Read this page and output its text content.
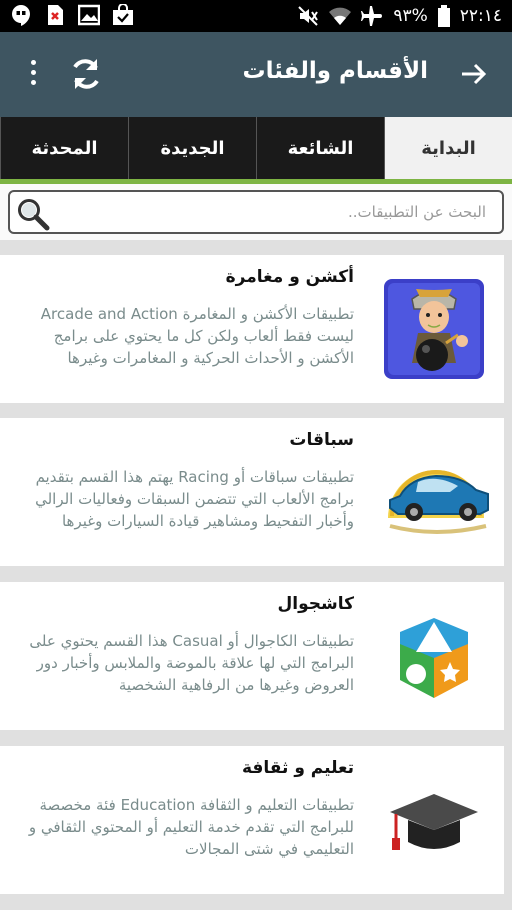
٩٣% ٢٢:١٤
الأقسام والفئات
البداية
الشائعة
الجديدة
المحدثة
البحث عن التطبيقات..
أكشن و مغامرة
تطبيقات الأكشن و المغامرة Arcade and Action ليست فقط ألعاب ولكن كل ما يحتوي على برامج الأكشن و الأحداث الحركية و المغامرات وغيرها
سباقات
تطبيقات سباقات أو Racing يهتم هذا القسم بتقديم برامج الألعاب التي تتضمن السبقات وفعاليات الرالي وأخبار التفحيط ومشاهير قيادة السيارات وغيرها
كاشجوال
تطبيقات الكاجوال أو Casual هذا القسم يحتوي على البرامج التي لها علاقة بالموضة والملابس وأخبار دور العروض وغيرها من الرفاهية الشخصية
تعليم و ثقافة
تطبيقات التعليم و الثقافة Education فئة مخصصة للبرامج التي تقدم خدمة التعليم أو المحتوي الثقافي و التعليمي في شتى المجالات
